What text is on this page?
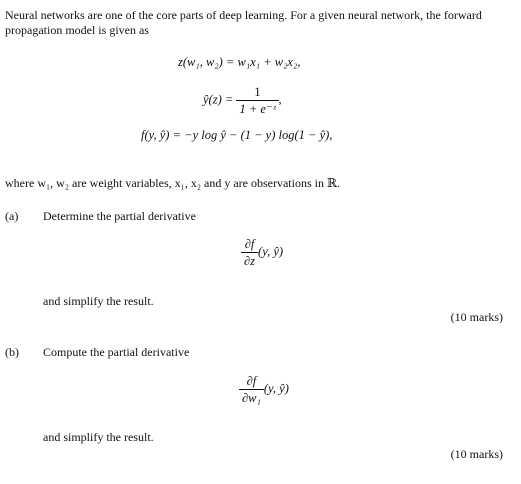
Neural networks are one of the core parts of deep learning. For a given neural network, the forward propagation model is given as
z(w₁, w₂) = w₁x₁ + w₂x₂,
ŷ(z) = $\frac{1}{\text{1 + e⁻ᶻ}}$ ,
f(y, ŷ) = −y log ŷ − (1 − y) log(1 − ŷ),
where w₁, w₂ are weight variables, x₁, x₂ and y are observations in ℝ.
(a) Determine the partial derivative
$\frac{\partial f}{\partial z} (y$, ŷ)
and simplify the result.
(10 marks)
(b) Compute the partial derivative
$\frac{\partial f}{\text{∂w₁}} (y$, ŷ)
and simplify the result.
(10 marks)
